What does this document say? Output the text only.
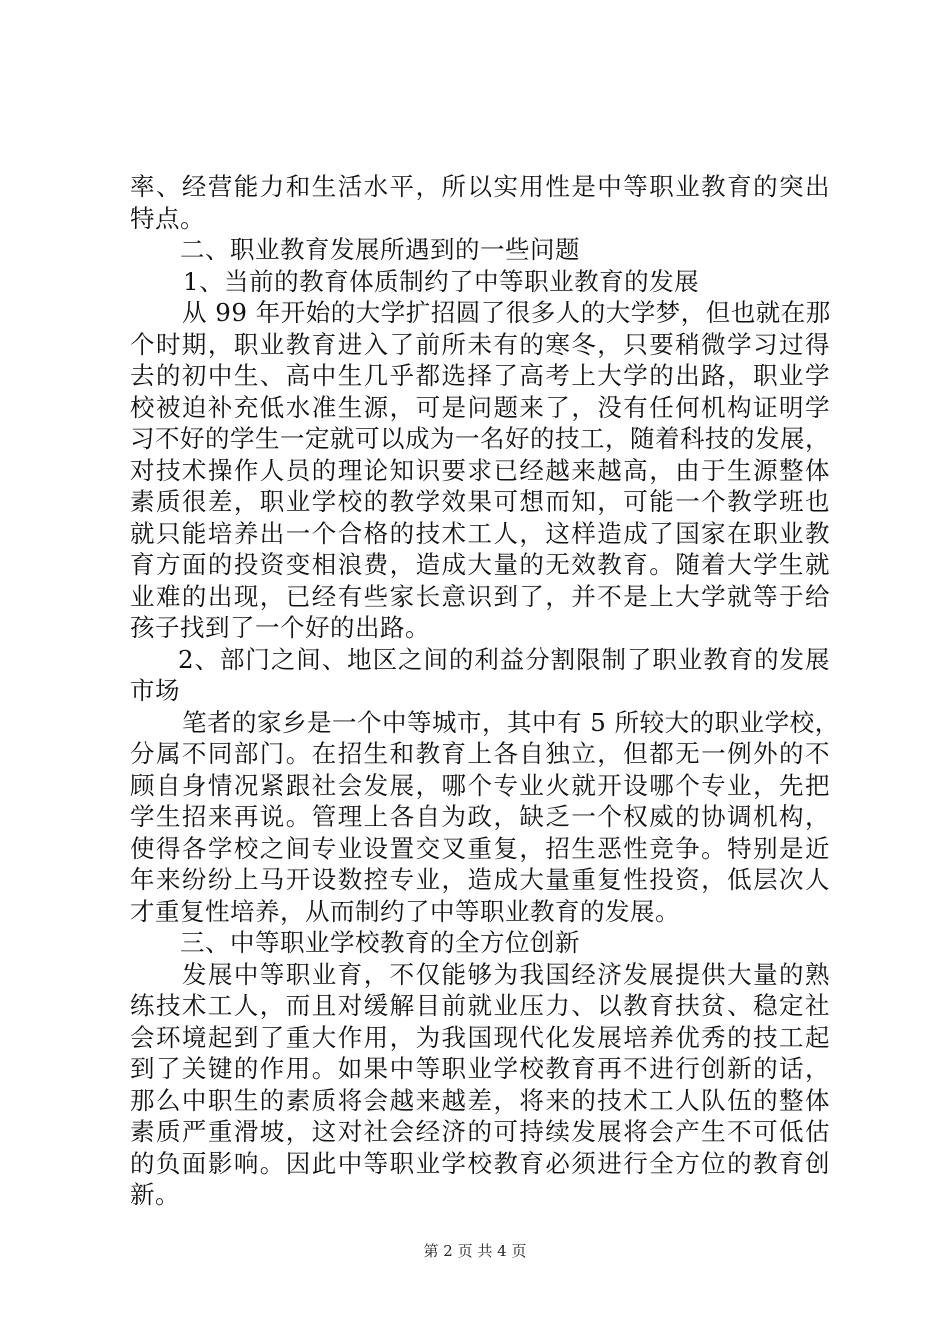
率、经营能力和生活水平，所以实用性是中等职业教育的突出
特点。
二、职业教育发展所遇到的一些问题
1、当前的教育体质制约了中等职业教育的发展
从 99 年开始的大学扩招圆了很多人的大学梦，但也就在那
个时期，职业教育进入了前所未有的寒冬，只要稍微学习过得
去的初中生、高中生几乎都选择了高考上大学的出路，职业学
校被迫补充低水准生源，可是问题来了，没有任何机构证明学
习不好的学生一定就可以成为一名好的技工，随着科技的发展，
对技术操作人员的理论知识要求已经越来越高，由于生源整体
素质很差，职业学校的教学效果可想而知，可能一个教学班也
就只能培养出一个合格的技术工人，这样造成了国家在职业教
育方面的投资变相浪费，造成大量的无效教育。随着大学生就
业难的出现，已经有些家长意识到了，并不是上大学就等于给
孩子找到了一个好的出路。
2、部门之间、地区之间的利益分割限制了职业教育的发展
市场
笔者的家乡是一个中等城市，其中有 5 所较大的职业学校，
分属不同部门。在招生和教育上各自独立，但都无一例外的不
顾自身情况紧跟社会发展，哪个专业火就开设哪个专业，先把
学生招来再说。管理上各自为政，缺乏一个权威的协调机构，
使得各学校之间专业设置交叉重复，招生恶性竞争。特别是近
年来纷纷上马开设数控专业，造成大量重复性投资，低层次人
才重复性培养，从而制约了中等职业教育的发展。
三、中等职业学校教育的全方位创新
发展中等职业育，不仅能够为我国经济发展提供大量的熟
练技术工人，而且对缓解目前就业压力、以教育扶贫、稳定社
会环境起到了重大作用，为我国现代化发展培养优秀的技工起
到了关键的作用。如果中等职业学校教育再不进行创新的话，
那么中职生的素质将会越来越差，将来的技术工人队伍的整体
素质严重滑坡，这对社会经济的可持续发展将会产生不可低估
的负面影响。因此中等职业学校教育必须进行全方位的教育创
新。
第 2 页 共 4 页
